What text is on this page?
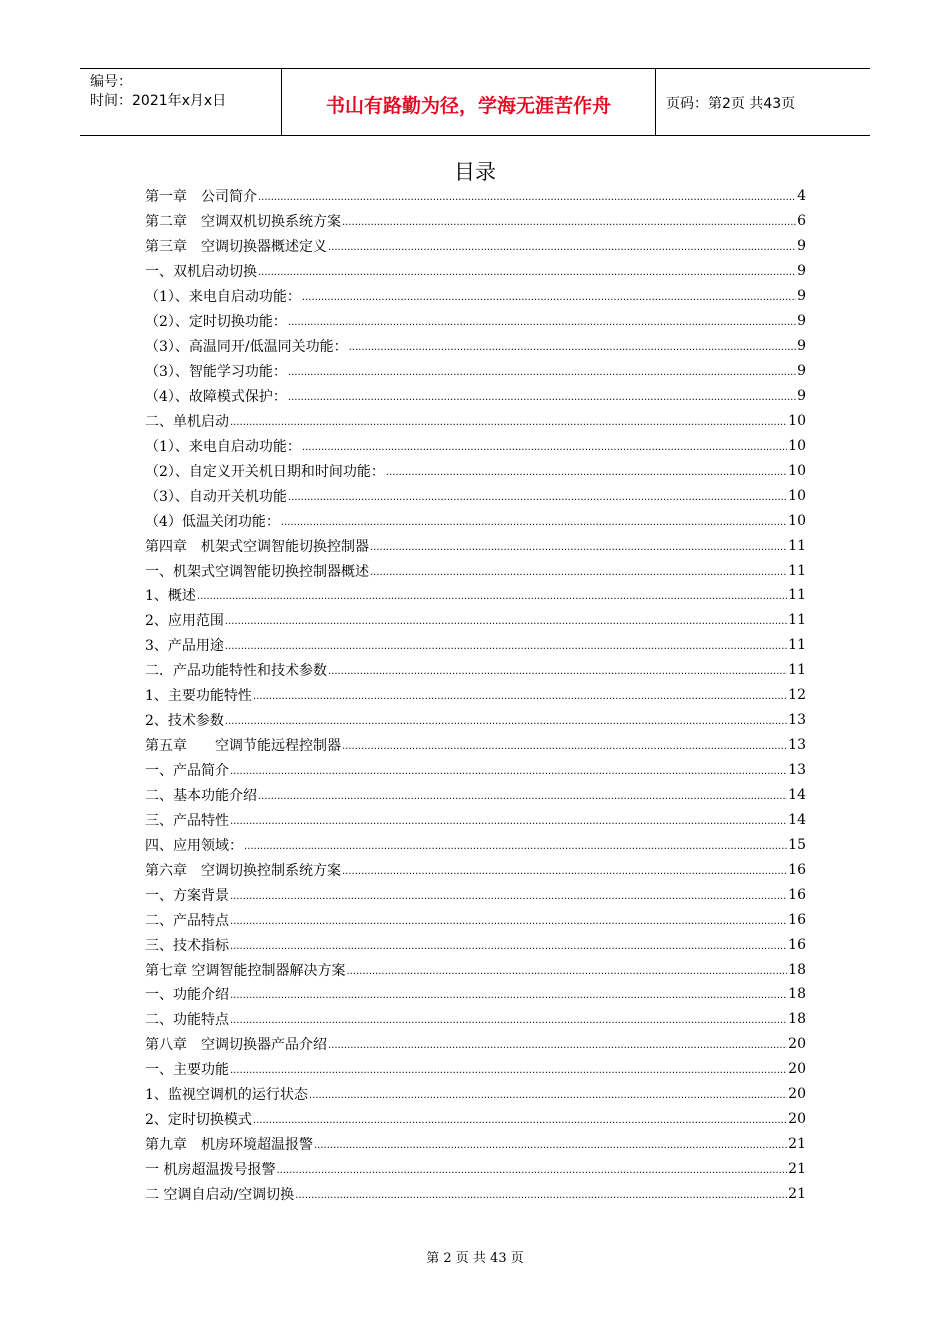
编号：
时间：2021年x月x日	书山有路勤为径，学海无涯苦作舟	页码：第2页 共43页
目录
第一章　公司简介 .....	4
第二章　空调双机切换系统方案 .....	6
第三章　空调切换器概述定义 .....	9
一、双机启动切换 .....	9
（1）、来电自启动功能： .....	9
（2）、定时切换功能： .....	9
（3）、高温同开/低温同关功能： .....	9
（3）、智能学习功能： .....	9
（4）、故障模式保护： .....	9
二、单机启动 .....	10
（1）、来电自启动功能： .....	10
（2）、自定义开关机日期和时间功能： .....	10
（3）、自动开关机功能 .....	10
（4）低温关闭功能： .....	10
第四章　机架式空调智能切换控制器 .....	11
一、机架式空调智能切换控制器概述 .....	11
1、概述 .....	11
2、应用范围 .....	11
3、产品用途 .....	11
二．产品功能特性和技术参数 .....	11
1、主要功能特性 .....	12
2、技术参数 .....	13
第五章　　空调节能远程控制器 .....	13
一、产品简介 .....	13
二、基本功能介绍 .....	14
三、产品特性 .....	14
四、应用领域： .....	15
第六章　空调切换控制系统方案 .....	16
一、方案背景 .....	16
二、产品特点 .....	16
三、技术指标 .....	16
第七章 空调智能控制器解决方案 .....	18
一、功能介绍 .....	18
二、功能特点 .....	18
第八章　空调切换器产品介绍 .....	20
一、主要功能 .....	20
1、监视空调机的运行状态 .....	20
2、定时切换模式 .....	20
第九章　机房环境超温报警 .....	21
一 机房超温拨号报警 .....	21
二 空调自启动/空调切换 .....	21
第 2 页 共 43 页
